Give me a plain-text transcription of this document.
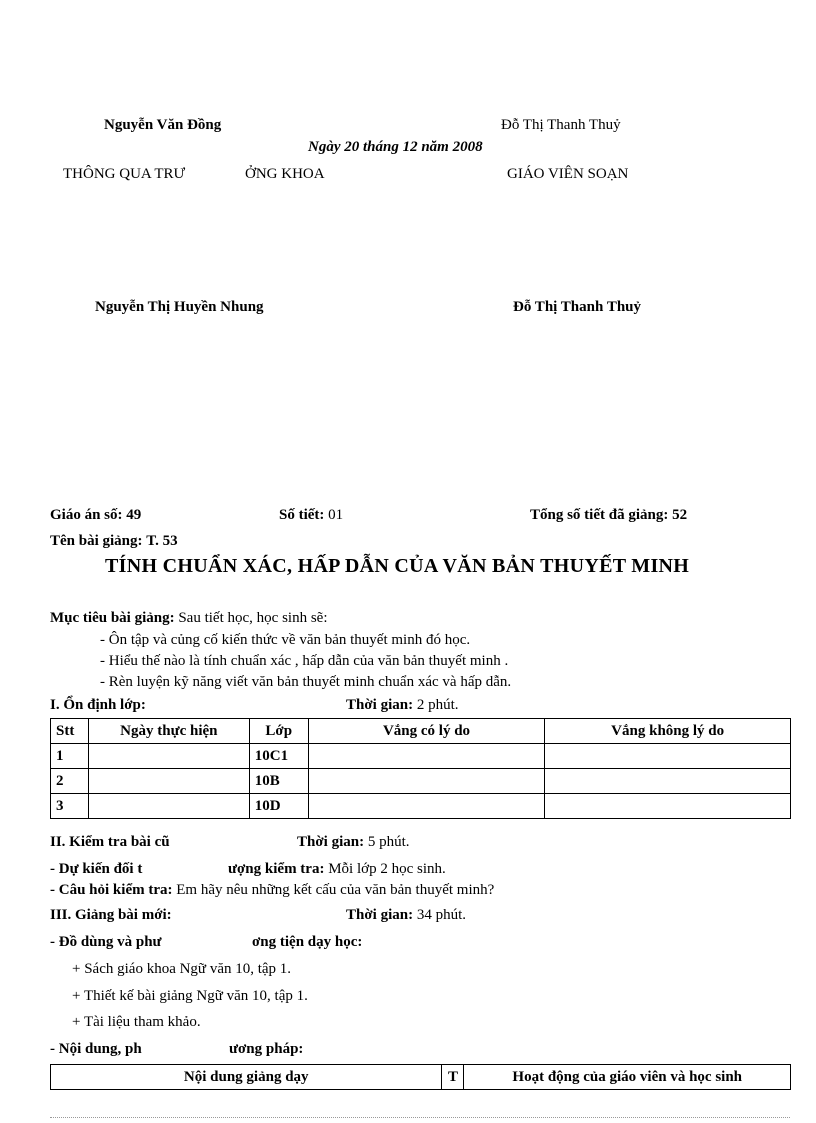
Nguyễn Văn Đồng	Đỗ Thị Thanh Thuỷ
Ngày 20 tháng 12 năm 2008
THÔNG QUA TRƯ	ỞNG KHOA	GIÁO VIÊN SOẠN
Nguyễn Thị Huyền Nhung	Đỗ Thị Thanh Thuỷ
Giáo án số: 49	Số tiết: 01	Tổng số tiết đã giảng: 52
Tên bài giảng: T. 53
TÍNH CHUẨN XÁC, HẤP DẪN CỦA VĂN BẢN THUYẾT MINH
Mục tiêu bài giảng: Sau tiết học, học sinh sẽ:
- Ôn tập và củng cố kiến thức về văn bản thuyết minh đó học.
- Hiểu thế nào là tính chuẩn xác , hấp dẫn của văn bản thuyết minh .
- Rèn luyện kỹ năng viết văn bản thuyết minh chuẩn xác và hấp dẫn.
I. Ổn định lớp:	Thời gian: 2 phút.
Stt	Ngày thực hiện	Lớp	Vắng có lý do	Vắng không lý do
1		10C1		
2		10B		
3		10D		
II. Kiểm tra bài cũ	Thời gian: 5 phút.
- Dự kiến đối t	ượng kiểm tra: Mỗi lớp 2 học sinh.
- Câu hỏi kiểm tra: Em hãy nêu những kết cấu của văn bản thuyết minh?
III. Giảng bài mới:	Thời gian: 34 phút.
- Đồ dùng và phư	ơng tiện dạy học:
+ Sách giáo khoa Ngữ văn 10, tập 1.
+ Thiết kế bài giảng Ngữ văn 10, tập 1.
+ Tài liệu tham khảo.
- Nội dung, ph	ương pháp:
Nội dung giảng dạy	T	Hoạt động của giáo viên và học sinh
